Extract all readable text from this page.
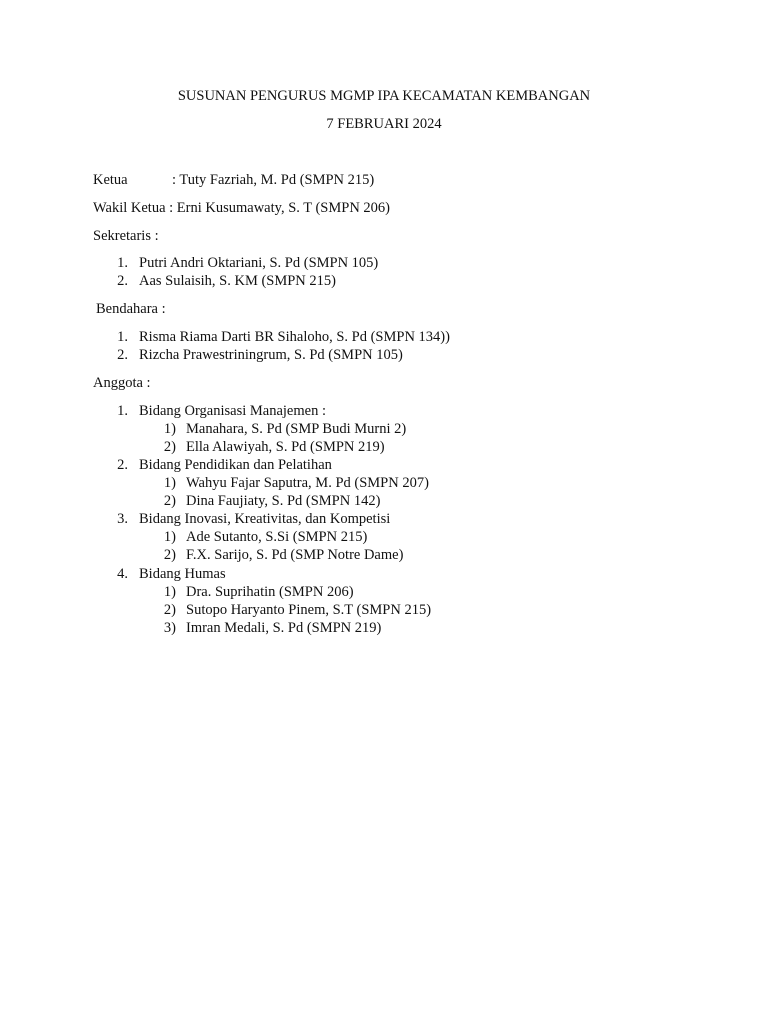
SUSUNAN PENGURUS MGMP IPA KECAMATAN KEMBANGAN
7 FEBRUARI 2024
Ketua	: Tuty Fazriah, M. Pd (SMPN 215)
Wakil Ketua : Erni Kusumawaty, S. T (SMPN 206)
Sekretaris :
1. Putri Andri Oktariani, S. Pd (SMPN 105)
2. Aas Sulaisih, S. KM (SMPN 215)
Bendahara :
1. Risma Riama Darti BR Sihaloho, S. Pd (SMPN 134))
2. Rizcha Prawestriningrum, S. Pd (SMPN 105)
Anggota :
1. Bidang Organisasi Manajemen :
1) Manahara, S. Pd (SMP Budi Murni 2)
2) Ella Alawiyah, S. Pd (SMPN 219)
2. Bidang Pendidikan dan Pelatihan
1) Wahyu Fajar Saputra, M. Pd (SMPN 207)
2) Dina Faujiaty, S. Pd (SMPN 142)
3. Bidang Inovasi, Kreativitas, dan Kompetisi
1) Ade Sutanto, S.Si (SMPN 215)
2) F.X. Sarijo, S. Pd (SMP Notre Dame)
4. Bidang Humas
1) Dra. Suprihatin (SMPN 206)
2) Sutopo Haryanto Pinem, S.T (SMPN 215)
3) Imran Medali, S. Pd (SMPN 219)
